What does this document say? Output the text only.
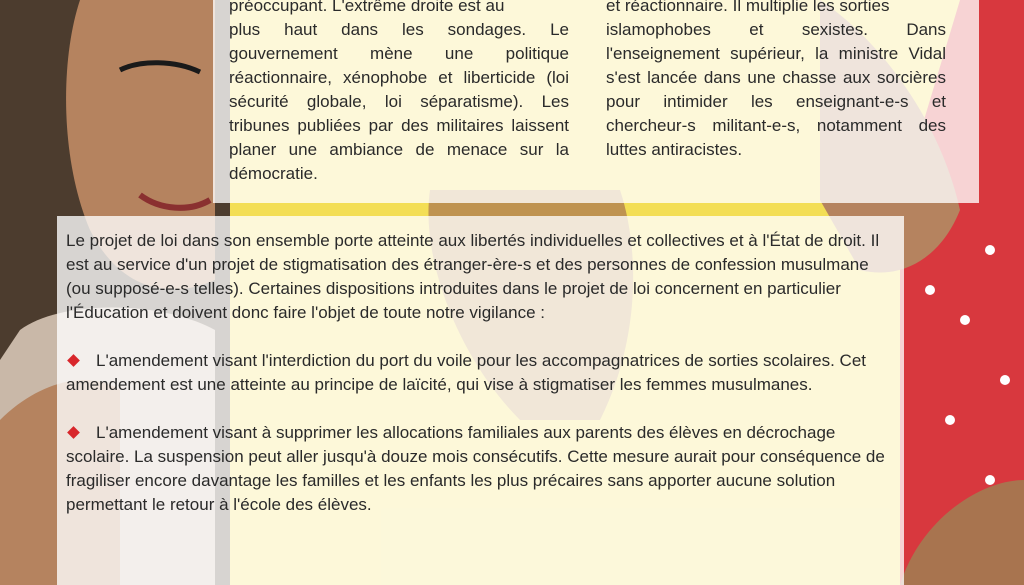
préoccupant. L'extrême droite est au

plus haut dans les sondages. Le gouvernement mène une politique réactionnaire, xénophobe et liberticide (loi sécurité globale, loi séparatisme). Les tribunes publiées par des militaires laissent planer une ambiance de menace sur la démocratie.

et réactionnaire. Il multiplie les sorties

islamophobes et sexistes. Dans l'enseignement supérieur, la ministre Vidal s'est lancée dans une chasse aux sorcières pour intimider les enseignant-e-s et chercheur-s militant-e-s, notamment des luttes antiracistes.

Le projet de loi dans son ensemble porte atteinte aux libertés individuelles et collectives et à l'État de droit. Il est au service d'un projet de stigmatisation des étranger-ère-s et des personnes de confession musulmane (ou supposé-e-s telles). Certaines dispositions introduites dans le projet de loi concernent en particulier l'Éducation et doivent donc faire l'objet de toute notre vigilance :

L'amendement visant l'interdiction du port du voile pour les accompagnatrices de sorties scolaires. Cet amendement est une atteinte au principe de laïcité, qui vise à stigmatiser les femmes musulmanes.

L'amendement visant à supprimer les allocations familiales aux parents des élèves en décrochage scolaire. La suspension peut aller jusqu'à douze mois consécutifs. Cette mesure aurait pour conséquence de fragiliser encore davantage les familles et les enfants les plus précaires sans apporter aucune solution permettant le retour à l'école des élèves.
